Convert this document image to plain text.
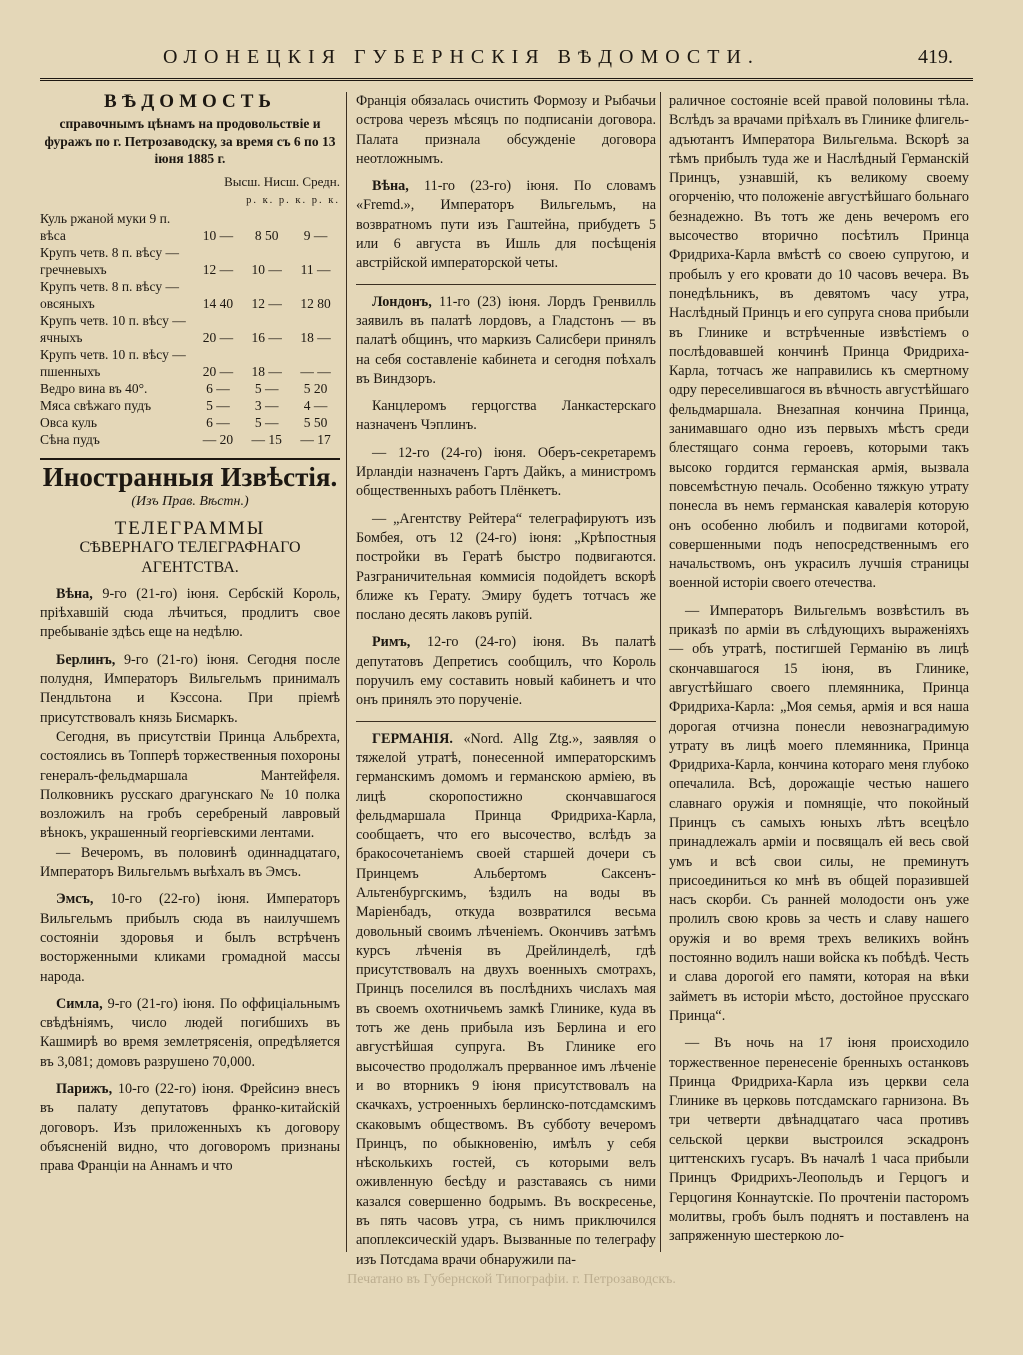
ОЛОНЕЦКІЯ ГУБЕРНСКІЯ ВѢДОМОСТИ.	419.
ВѢДОМОСТЬ
справочнымъ цѣнамъ на продовольствіе и фуражъ по г. Петрозаводску, за время съ 6 по 13 іюня 1885 г.
Высш. Нисш. Средн.
р. к. р. к. р. к.
Куль ржаной муки 9 п. вѣса	10 —	8 50	9 —
Крупъ четв. 8 п. вѣсу — гречневыхъ	12 —	10 —	11 —
Крупъ четв. 8 п. вѣсу — овсяныхъ	14 40	12 —	12 80
Крупъ четв. 10 п. вѣсу — ячныхъ	20 —	16 —	18 —
Крупъ четв. 10 п. вѣсу — пшенныхъ	20 —	18 —	— —
Ведро вина въ 40°.	6 —	5 —	5 20
Мяса свѣжаго пудъ	5 —	3 —	4 —
Овса куль	6 —	5 —	5 50
Сѣна пудъ	— 20	— 15	— 17
Иностранныя Извѣстія.
(Изъ Прав. Вѣстн.)
ТЕЛЕГРАММЫ
СѢВЕРНАГО ТЕЛЕГРАФНАГО АГЕНТСТВА.

Вѣна, 9-го (21-го) іюня. Сербскій Король, пріѣхавшій сюда лѣчиться, продлитъ свое пребываніе здѣсь еще на недѣлю.

Берлинъ, 9-го (21-го) іюня. Сегодня после полудня, Императоръ Вильгельмъ принималъ Пендльтона и Кэссона. При пріемѣ присутствовалъ князь Бисмаркъ.

Сегодня, въ присутствіи Принца Альбрехта, состоялись въ Топперѣ торжественныя похороны генералъ-фельдмаршала Мантейфеля. Полковникъ русскаго драгунскаго № 10 полка возложилъ на гробъ серебреный лавровый вѣнокъ, украшенный георгіевскими лентами.

— Вечеромъ, въ половинѣ одиннадцатаго, Императоръ Вильгельмъ выѣхалъ въ Эмсъ.

Эмсъ, 10-го (22-го) іюня. Императоръ Вильгельмъ прибылъ сюда въ наилучшемъ состояніи здоровья и былъ встрѣченъ восторженными кликами громадной массы народа.

Симла, 9-го (21-го) іюня. По оффиціальнымъ свѣдѣніямъ, число людей погибшихъ въ Кашмирѣ во время землетрясенія, опредѣляется въ 3,081; домовъ разрушено 70,000.

Парижъ, 10-го (22-го) іюня. Фрейсинэ внесъ въ палату депутатовъ франко-китайскій договоръ. Изъ приложенныхъ къ договору объясненій видно, что договоромъ признаны права Франціи на Аннамъ и что

Франція обязалась очистить Формозу и Рыбачьи острова черезъ мѣсяцъ по подписаніи договора. Палата признала обсужденіе договора неотложнымъ.

Вѣна, 11-го (23-го) іюня. По словамъ «Fremd.», Императоръ Вильгельмъ, на возвратномъ пути изъ Гаштейна, прибудетъ 5 или 6 августа въ Ишль для посѣщенія австрійской императорской четы.

Лондонъ, 11-го (23) іюня. Лордъ Гренвилль заявилъ въ палатѣ лордовъ, а Гладстонъ — въ палатѣ общинъ, что маркизъ Салисбери принялъ на себя составленіе кабинета и сегодня поѣхалъ въ Виндзоръ.

Канцлеромъ герцогства Ланкастерскаго назначенъ Чэплинъ.

— 12-го (24-го) іюня. Оберъ-секретаремъ Ирландіи назначенъ Гартъ Дайкъ, а министромъ общественныхъ работъ Плёнкетъ.

— „Агентству Рейтера“ телеграфируютъ изъ Бомбея, отъ 12 (24-го) іюня: „Крѣпостныя постройки въ Гератѣ быстро подвигаются. Разграничительная коммисія подойдетъ вскорѣ ближе къ Герату. Эмиру будетъ тотчасъ же послано десять лаковъ рупій.

Римъ, 12-го (24-го) іюня. Въ палатѣ депутатовъ Депретисъ сообщилъ, что Король поручилъ ему составить новый кабинетъ и что онъ принялъ это порученіе.

ГЕРМАНІЯ. «Nord. Allg Ztg.», заявляя о тяжелой утратѣ, понесенной императорскимъ германскимъ домомъ и германскою арміею, въ лицѣ скоропостижно скончавшагося фельдмаршала Принца Фридриха-Карла, сообщаетъ, что его высочество, вслѣдъ за бракосочетаніемъ своей старшей дочери съ Принцемъ Альбертомъ Саксенъ-Альтенбургскимъ, ѣздилъ на воды въ Маріенбадъ, откуда возвратился весьма довольный своимъ лѣченіемъ. Окончивъ затѣмъ курсъ лѣченія въ Дрейлинделѣ, гдѣ присутствовалъ на двухъ военныхъ смотрахъ, Принцъ поселился въ послѣднихъ числахъ мая въ своемъ охотничьемъ замкѣ Глинике, куда въ тотъ же день прибыла изъ Берлина и его августѣйшая супруга. Въ Глинике его высочество продолжалъ прерванное имъ лѣченіе и во вторникъ 9 іюня присутствовалъ на скачкахъ, устроенныхъ берлинско-потсдамскимъ скаковымъ обществомъ. Въ субботу вечеромъ Принцъ, по обыкновенію, имѣлъ у себя нѣсколькихъ гостей, съ которыми велъ оживленную бесѣду и разставаясь съ ними казался совершенно бодрымъ. Въ воскресенье, въ пять часовъ утра, съ нимъ приключился апоплексическій ударъ. Вызванные по телеграфу изъ Потсдама врачи обнаружили па-

раличное состояніе всей правой половины тѣла. Вслѣдъ за врачами пріѣхалъ въ Глинике флигель-адъютантъ Императора Вильгельма. Вскорѣ за тѣмъ прибылъ туда же и Наслѣдный Германскій Принцъ, узнавшій, къ великому своему огорченію, что положеніе августѣйшаго больнаго безнадежно. Въ тотъ же день вечеромъ его высочество вторично посѣтилъ Принца Фридриха-Карла вмѣстѣ со своею супругою, и пробылъ у его кровати до 10 часовъ вечера. Въ понедѣльникъ, въ девятомъ часу утра, Наслѣдный Принцъ и его супруга снова прибыли въ Глинике и встрѣченные извѣстіемъ о послѣдовавшей кончинѣ Принца Фридриха-Карла, тотчасъ же направились къ смертному одру переселившагося въ вѣчность августѣйшаго фельдмаршала. Внезапная кончина Принца, занимавшаго одно изъ первыхъ мѣстъ среди блестящаго сонма героевъ, которыми такъ высоко гордится германская армія, вызвала повсемѣстную печаль. Особенно тяжкую утрату понесла въ немъ германская кавалерія которую онъ особенно любилъ и подвигами которой, совершенными подъ непосредственнымъ его начальствомъ, онъ украсилъ лучшія страницы военной исторіи своего отечества.

— Императоръ Вильгельмъ возвѣстилъ въ приказѣ по арміи въ слѣдующихъ выраженіяхъ — объ утратѣ, постигшей Германію въ лицѣ скончавшагося 15 іюня, въ Глинике, августѣйшаго своего племянника, Принца Фридриха-Карла: „Моя семья, армія и вся наша дорогая отчизна понесли невознаградимую утрату въ лицѣ моего племянника, Принца Фридриха-Карла, кончина котораго меня глубоко опечалила. Всѣ, дорожащіе честью нашего славнаго оружія и помнящіе, что покойный Принцъ съ самыхъ юныхъ лѣтъ всецѣло принадлежалъ арміи и посвящалъ ей весь свой умъ и всѣ свои силы, не преминутъ присоединиться ко мнѣ въ общей поразившей насъ скорби. Съ ранней молодости онъ уже пролилъ свою кровь за честь и славу нашего оружія и во время трехъ великихъ войнъ постоянно водилъ наши войска къ побѣдѣ. Честь и слава дорогой его памяти, которая на вѣки займетъ въ исторіи мѣсто, достойное прусскаго Принца“.

— Въ ночь на 17 іюня происходило торжественное перенесеніе бренныхъ останковъ Принца Фридриха-Карла изъ церкви села Глинике въ церковь потсдамскаго гарнизона. Въ три четверти двѣнадцатаго часа противъ сельской церкви выстроился эскадронъ циттенскихъ гусаръ. Въ началѣ 1 часа прибыли Принцъ Фридрихъ-Леопольдъ и Герцогъ и Герцогиня Коннаутскіе. По прочтеніи пасторомъ молитвы, гробъ былъ поднятъ и поставленъ на запряженную шестеркою ло-

Печатано въ Губернской Типографіи. г. Петрозаводскъ.
